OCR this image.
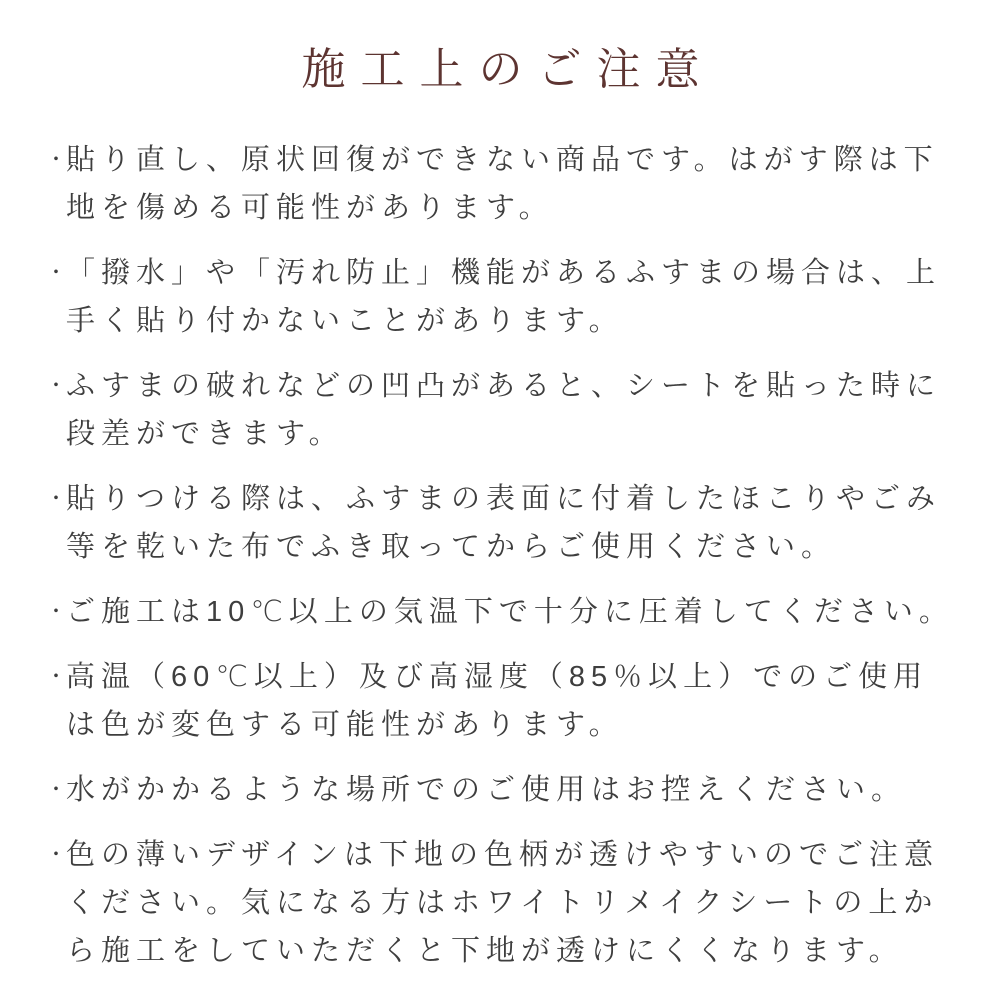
施工上のご注意
・ 貼り直し、原状回復ができない商品です。はがす際は下地を傷める可能性があります。
・ 「撥水」や「汚れ防止」機能があるふすまの場合は、上手く貼り付かないことがあります。
・ ふすまの破れなどの凹凸があると、シートを貼った時に段差ができます。
・ 貼りつける際は、ふすまの表面に付着したほこりやごみ等を乾いた布でふき取ってからご使用ください。
・ ご施工は10℃以上の気温下で十分に圧着してください。
・ 高温（60℃以上）及び高湿度（85％以上）でのご使用は色が変色する可能性があります。
・ 水がかかるような場所でのご使用はお控えください。
・ 色の薄いデザインは下地の色柄が透けやすいのでご注意ください。気になる方はホワイトリメイクシートの上から施工をしていただくと下地が透けにくくなります。
